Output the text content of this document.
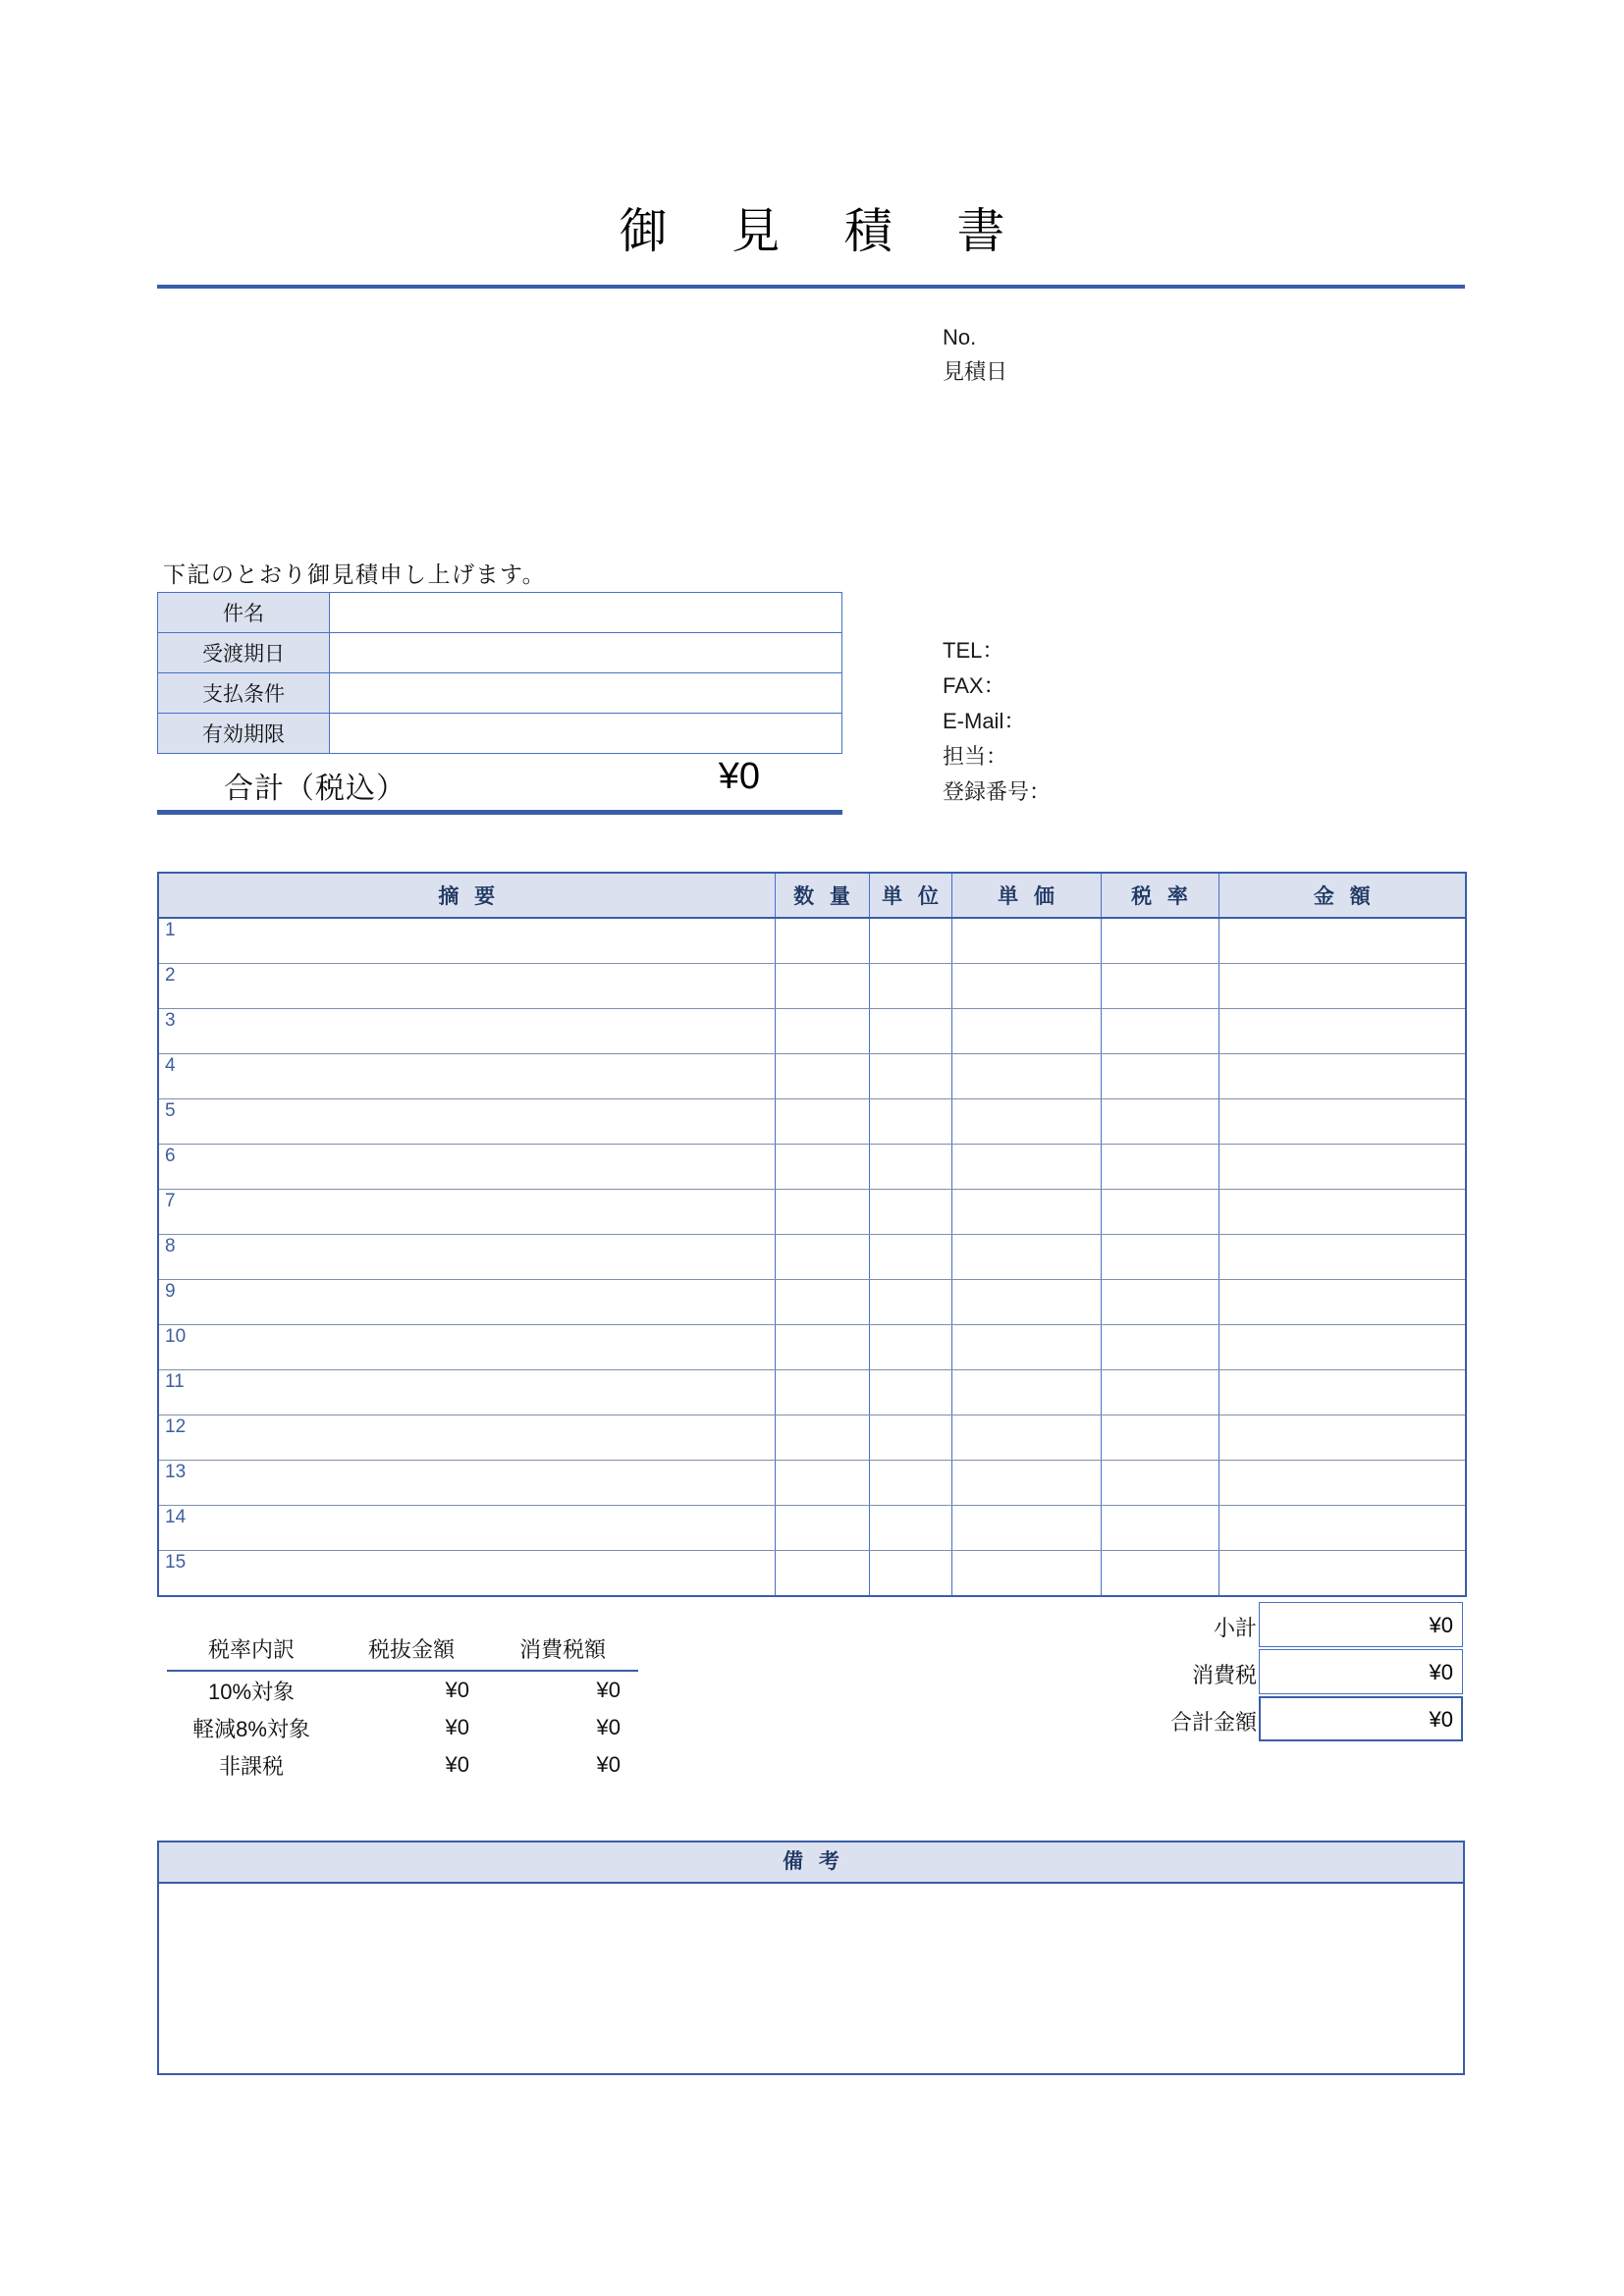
御 見 積 書
No.
見積日
下記のとおり御見積申し上げます。
件名	
受渡期日	
支払条件	
有効期限	
TEL：
FAX：
E-Mail：
担当：
登録番号：
合計（税込）	¥0
摘 要	数 量	単 位	単 価	税 率	金 額

1					

2					

3					

4					

5					

6					

7					

8					

9					

10					

11					

12					

13					

14					

15					

税率内訳	税抜金額	消費税額
10%対象	¥0	¥0
軽減8%対象	¥0	¥0
非課税	¥0	¥0
小計	¥0
消費税	¥0
合計金額	¥0
備 考
